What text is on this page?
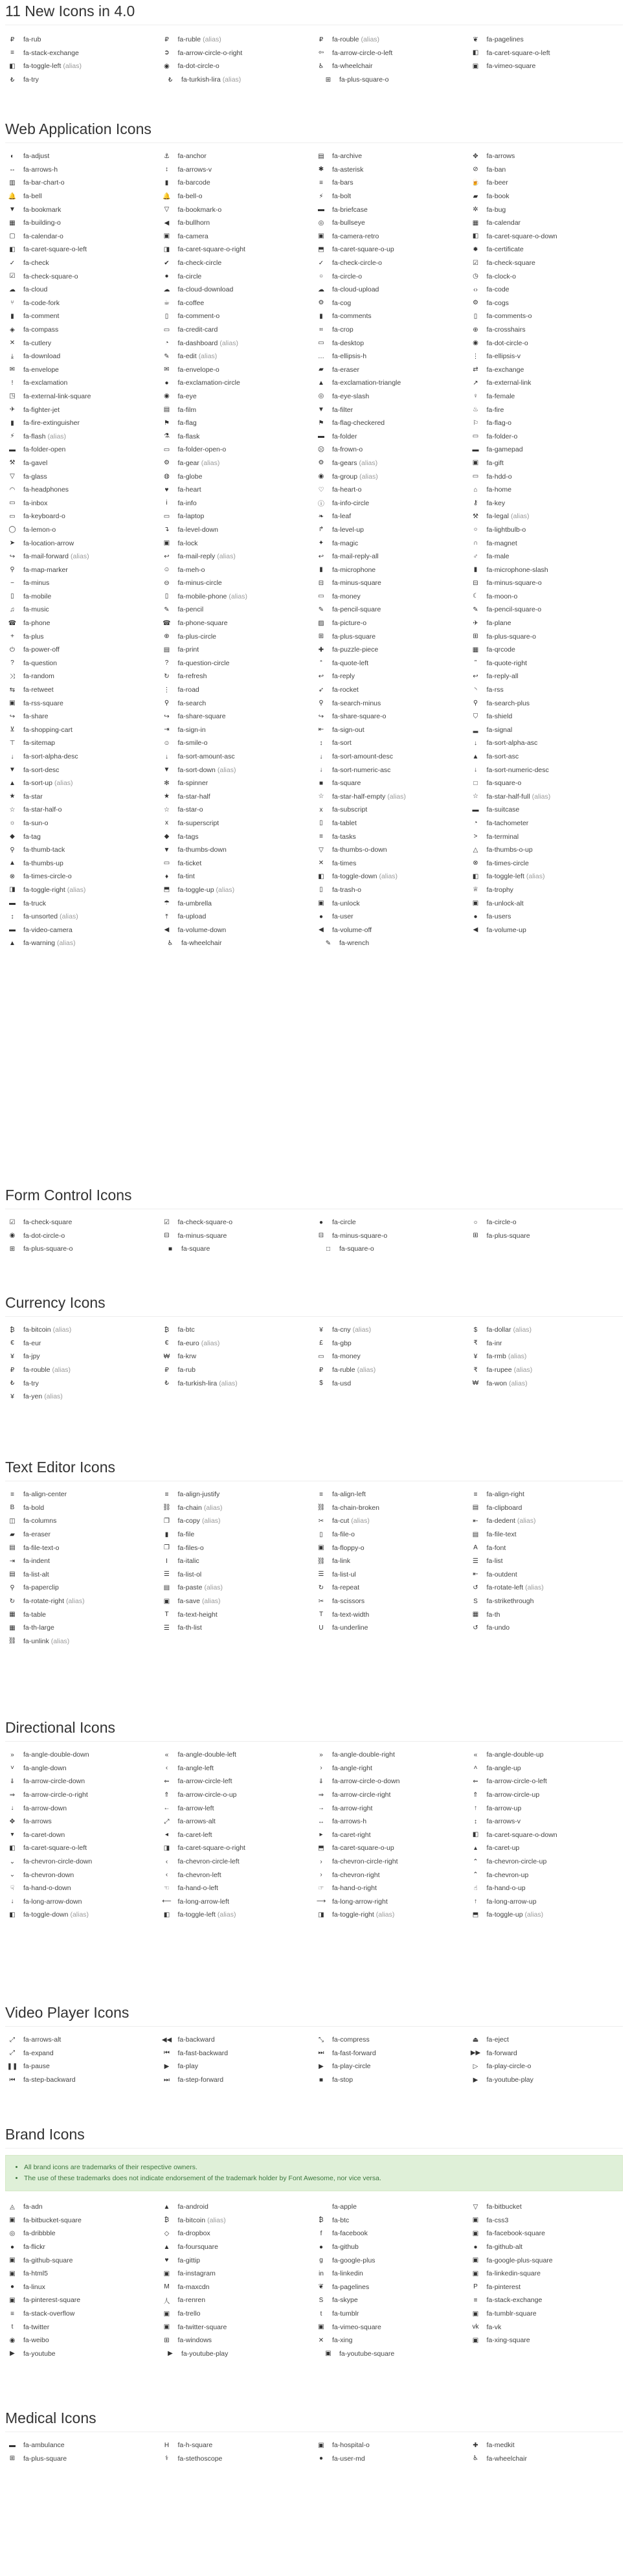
11 New Icons in 4.0
₽	fa-rub	₽	fa-ruble (alias)	₽	fa-rouble (alias)	❦ fa-pagelines
≡	fa-stack-exchange	➲ fa-arrow-circle-o-right	⇦ fa-arrow-circle-o-left	◧ fa-caret-square-o-left
◧ fa-toggle-left (alias)	◉ fa-dot-circle-o	♿ fa-wheelchair	▣ fa-vimeo-square
₺	fa-try	₺	fa-turkish-lira (alias)	⊞ fa-plus-square-o
Web Application Icons
◐	fa-adjust	⚓ fa-anchor	▤ fa-archive	✥ fa-arrows
↔ fa-arrows-h	↕	fa-arrows-v	✱ fa-asterisk	⊘ fa-ban
▥ fa-bar-chart-o	▮	fa-barcode	≡	fa-bars	🍺 fa-beer
🔔 fa-bell	🔔 fa-bell-o	⚡	fa-bolt	▰	fa-book
▼ fa-bookmark	▽	fa-bookmark-o	▬ fa-briefcase	✲ fa-bug
▦ fa-building-o	◀	fa-bullhorn	◎ fa-bullseye	▦ fa-calendar
▢ fa-calendar-o	▣ fa-camera	▣ fa-camera-retro	◧ fa-caret-square-o-down
◧ fa-caret-square-o-left	◨ fa-caret-square-o-right	⬒ fa-caret-square-o-up	✹ fa-certificate
✓ fa-check	✔ fa-check-circle	✓ fa-check-circle-o	☑ fa-check-square
☑ fa-check-square-o	●	fa-circle	○	fa-circle-o	◷ fa-clock-o
☁ fa-cloud	☁ fa-cloud-download	☁ fa-cloud-upload	‹›	fa-code
⑂	fa-code-fork	☕ fa-coffee	⚙ fa-cog	⚙ fa-cogs
▮	fa-comment	▯	fa-comment-o	▮	fa-comments	▯	fa-comments-o
◈	fa-compass	▭ fa-credit-card	⌗	fa-crop	⊕ fa-crosshairs
✕ fa-cutlery	◔	fa-dashboard (alias)	▭ fa-desktop	◉ fa-dot-circle-o
⤓	fa-download	✎ fa-edit (alias)	… fa-ellipsis-h	⋮ fa-ellipsis-v
✉ fa-envelope	✉ fa-envelope-o	▰	fa-eraser	⇄ fa-exchange
!	fa-exclamation	●	fa-exclamation-circle	▲ fa-exclamation-triangle	↗ fa-external-link
◳ fa-external-link-square	◉ fa-eye	◎ fa-eye-slash	♀	fa-female
✈ fa-fighter-jet	▤ fa-film	▼ fa-filter	♨ fa-fire
▮	fa-fire-extinguisher	⚑ fa-flag	⚑ fa-flag-checkered	⚐ fa-flag-o
⚡	fa-flash (alias)	⚗ fa-flask	▬ fa-folder	▭ fa-folder-o
▬ fa-folder-open	▭ fa-folder-open-o	☹ fa-frown-o	▬ fa-gamepad
⚒ fa-gavel	⚙ fa-gear (alias)	⚙ fa-gears (alias)	▣ fa-gift
▽	fa-glass	◍ fa-globe	◉ fa-group (alias)	▭ fa-hdd-o
◠ fa-headphones	♥	fa-heart	♡ fa-heart-o	⌂	fa-home
▭ fa-inbox	i	fa-info	ⓘ fa-info-circle	⚷	fa-key
▭ fa-keyboard-o	▭ fa-laptop	❧ fa-leaf	⚒ fa-legal (alias)
◯ fa-lemon-o	↴ fa-level-down	↱ fa-level-up	○	fa-lightbulb-o
➤ fa-location-arrow	▣ fa-lock	✦ fa-magic	∩	fa-magnet
↪ fa-mail-forward (alias)	↩ fa-mail-reply (alias)	↩ fa-mail-reply-all	♂	fa-male
⚲	fa-map-marker	☺ fa-meh-o	▮	fa-microphone	▮	fa-microphone-slash
−	fa-minus	⊖ fa-minus-circle	⊟ fa-minus-square	⊟ fa-minus-square-o
▯	fa-mobile	▯	fa-mobile-phone (alias)	▭ fa-money	☾ fa-moon-o
♫	fa-music	✎ fa-pencil	✎ fa-pencil-square	✎ fa-pencil-square-o
☎ fa-phone	☎ fa-phone-square	▨ fa-picture-o	✈ fa-plane
+	fa-plus	⊕ fa-plus-circle	⊞ fa-plus-square	⊞ fa-plus-square-o
⏻ fa-power-off	▤ fa-print	✚ fa-puzzle-piece	▦ fa-qrcode
?	fa-question	?	fa-question-circle	“	fa-quote-left	”	fa-quote-right
⤨ fa-random	↻ fa-refresh	↩ fa-reply	↩ fa-reply-all
⇆ fa-retweet	⋮ fa-road	➶ fa-rocket	◝	fa-rss
▣ fa-rss-square	⚲	fa-search	⚲	fa-search-minus	⚲	fa-search-plus
↪ fa-share	↪ fa-share-square	↪ fa-share-square-o	⛉	fa-shield
⊻	fa-shopping-cart	⇥ fa-sign-in	⇤ fa-sign-out	▂	fa-signal
⊤ fa-sitemap	☺ fa-smile-o	↕	fa-sort	↓	fa-sort-alpha-asc
↓	fa-sort-alpha-desc	↓	fa-sort-amount-asc	↓	fa-sort-amount-desc	▲ fa-sort-asc
▼ fa-sort-desc	▼ fa-sort-down (alias)	↓	fa-sort-numeric-asc	↓	fa-sort-numeric-desc
▲ fa-sort-up (alias)	✻ fa-spinner	■	fa-square	□	fa-square-o
★ fa-star	★ fa-star-half	☆ fa-star-half-empty (alias)	☆ fa-star-half-full (alias)
☆ fa-star-half-o	☆ fa-star-o	x	fa-subscript	▬ fa-suitcase
☼ fa-sun-o	x	fa-superscript	▯	fa-tablet	◔	fa-tachometer
◆	fa-tag	◆	fa-tags	≡	fa-tasks	>	fa-terminal
⚲	fa-thumb-tack	▼ fa-thumbs-down	▽	fa-thumbs-o-down	△	fa-thumbs-o-up
▲ fa-thumbs-up	▭ fa-ticket	✕ fa-times	⊗ fa-times-circle
⊗ fa-times-circle-o	♦	fa-tint	◧ fa-toggle-down (alias)	◧ fa-toggle-left (alias)
◨ fa-toggle-right (alias)	⬒ fa-toggle-up (alias)	▯	fa-trash-o	♕ fa-trophy
▬ fa-truck	☂ fa-umbrella	▣ fa-unlock	▣ fa-unlock-alt
↕	fa-unsorted (alias)	⤒	fa-upload	●	fa-user	●	fa-users
▬ fa-video-camera	◀	fa-volume-down	◀	fa-volume-off	◀	fa-volume-up
▲ fa-warning (alias)	♿ fa-wheelchair	✎ fa-wrench
Form Control Icons
☑ fa-check-square	☑ fa-check-square-o	●	fa-circle	○	fa-circle-o
◉ fa-dot-circle-o	⊟ fa-minus-square	⊟ fa-minus-square-o	⊞ fa-plus-square
⊞ fa-plus-square-o	■	fa-square	□	fa-square-o
Currency Icons
₿	fa-bitcoin (alias)	₿	fa-btc	¥	fa-cny (alias)	$	fa-dollar (alias)
€	fa-eur	€	fa-euro (alias)	£	fa-gbp	₹	fa-inr
¥	fa-jpy	₩ fa-krw	▭ fa-money	¥	fa-rmb (alias)
₽	fa-rouble (alias)	₽	fa-rub	₽	fa-ruble (alias)	₹	fa-rupee (alias)
₺	fa-try	₺	fa-turkish-lira (alias)	$	fa-usd	₩ fa-won (alias)
¥	fa-yen (alias)
Text Editor Icons
≡	fa-align-center	≡	fa-align-justify	≡	fa-align-left	≡	fa-align-right
B	fa-bold	⛓ fa-chain (alias)	⛓ fa-chain-broken	▤ fa-clipboard
◫ fa-columns	❐ fa-copy (alias)	✂ fa-cut (alias)	⇤ fa-dedent (alias)
▰	fa-eraser	▮	fa-file	▯	fa-file-o	▤ fa-file-text
▤ fa-file-text-o	❐ fa-files-o	▣ fa-floppy-o	A	fa-font
⇥ fa-indent	I	fa-italic	⛓ fa-link	☰ fa-list
▤ fa-list-alt	☰ fa-list-ol	☰ fa-list-ul	⇤ fa-outdent
⚲	fa-paperclip	▤ fa-paste (alias)	↻ fa-repeat	↺ fa-rotate-left (alias)
↻ fa-rotate-right (alias)	▣ fa-save (alias)	✂ fa-scissors	S	fa-strikethrough
▦ fa-table	T	fa-text-height	T	fa-text-width	▦ fa-th
▦ fa-th-large	☰ fa-th-list	U	fa-underline	↺ fa-undo
⛓ fa-unlink (alias)
Directional Icons
»	fa-angle-double-down	«	fa-angle-double-left	»	fa-angle-double-right	«	fa-angle-double-up
˅	fa-angle-down	‹	fa-angle-left	›	fa-angle-right	˄	fa-angle-up
⇓ fa-arrow-circle-down	⇐ fa-arrow-circle-left	⇓ fa-arrow-circle-o-down	⇐ fa-arrow-circle-o-left
⇒ fa-arrow-circle-o-right	⇑ fa-arrow-circle-o-up	⇒ fa-arrow-circle-right	⇑ fa-arrow-circle-up
↓	fa-arrow-down	← fa-arrow-left	→ fa-arrow-right	↑	fa-arrow-up
✥ fa-arrows	⤢ fa-arrows-alt	↔ fa-arrows-h	↕	fa-arrows-v
▾	fa-caret-down	◂	fa-caret-left	▸	fa-caret-right	◧ fa-caret-square-o-down
◧ fa-caret-square-o-left	◨ fa-caret-square-o-right	⬒ fa-caret-square-o-up	▴	fa-caret-up
⌄ fa-chevron-circle-down	‹	fa-chevron-circle-left	›	fa-chevron-circle-right	⌃ fa-chevron-circle-up
⌄ fa-chevron-down	‹	fa-chevron-left	›	fa-chevron-right	⌃ fa-chevron-up
☟	fa-hand-o-down	☜ fa-hand-o-left	☞ fa-hand-o-right	☝	fa-hand-o-up
↓	fa-long-arrow-down	⟵ fa-long-arrow-left	⟶ fa-long-arrow-right	↑	fa-long-arrow-up
◧ fa-toggle-down (alias)	◧ fa-toggle-left (alias)	◨ fa-toggle-right (alias)	⬒ fa-toggle-up (alias)
Video Player Icons
⤢ fa-arrows-alt	◀◀ fa-backward	⤡ fa-compress	⏏ fa-eject
⤢ fa-expand	⏮ fa-fast-backward	⏭ fa-fast-forward	▶▶ fa-forward
❚❚ fa-pause	▶	fa-play	▶	fa-play-circle	▷	fa-play-circle-o
⏮ fa-step-backward	⏭ fa-step-forward	■	fa-stop	▶	fa-youtube-play
Brand Icons
• All brand icons are trademarks of their respective owners.
• The use of these trademarks does not indicate endorsement of the trademark holder by Font Awesome, nor vice versa.
◬	fa-adn	▲ fa-android	fa-apple	▽	fa-bitbucket
▣ fa-bitbucket-square	₿	fa-bitcoin (alias)	₿	fa-btc	▣ fa-css3
◎ fa-dribbble	◇	fa-dropbox	f	fa-facebook	▣ fa-facebook-square
●	fa-flickr	▲ fa-foursquare	●	fa-github	●	fa-github-alt
▣ fa-github-square	♥	fa-gittip	g	fa-google-plus	▣ fa-google-plus-square
▣ fa-html5	▣ fa-instagram	in fa-linkedin	▣ fa-linkedin-square
●	fa-linux	M fa-maxcdn	❦ fa-pagelines	P	fa-pinterest
▣ fa-pinterest-square	人 fa-renren	S	fa-skype	≡	fa-stack-exchange
≡	fa-stack-overflow	▣ fa-trello	t	fa-tumblr	▣ fa-tumblr-square
t	fa-twitter	▣ fa-twitter-square	▣ fa-vimeo-square	vk fa-vk
◉ fa-weibo	⊞ fa-windows	✕ fa-xing	▣ fa-xing-square
▶	fa-youtube	▶	fa-youtube-play	▣ fa-youtube-square
Medical Icons
▬ fa-ambulance	H	fa-h-square	▣ fa-hospital-o	✚ fa-medkit
⊞ fa-plus-square	⚕	fa-stethoscope	●	fa-user-md	♿ fa-wheelchair
